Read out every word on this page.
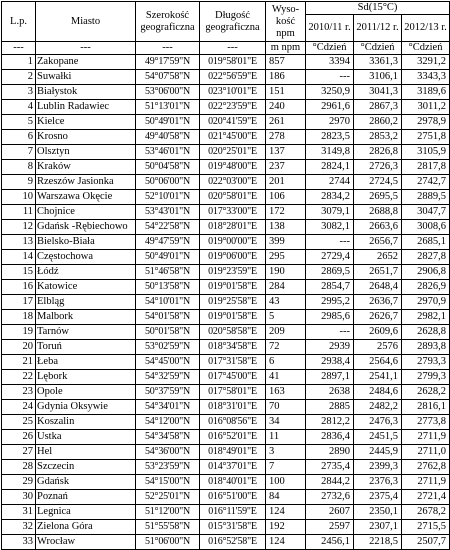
L.p.	Miasto	Szerokość geograficzna	Długość geograficzna	Wyso-kość npm	Sd(15°C)		
					2010/11 r.	2011/12 r.	2012/13 r.
---	---	---	---	m npm	°Cdzień	°Cdzień	°Cdzień
1	Zakopane	49°17'59"N	019°58'01"E	857	3394	3361,3	3291,2
2	Suwałki	54°07'58"N	022°56'59"E	186	---	3106,1	3343,3
3	Białystok	53°06'00"N	023°10'01"E	151	3250,9	3041,3	3189,6
4	Lublin Radawiec	51°13'01"N	022°23'59"E	240	2961,6	2867,3	3011,2
5	Kielce	50°49'01"N	020°41'59"E	261	2970	2860,2	2978,9
6	Krosno	49°40'58"N	021°45'00"E	278	2823,5	2853,2	2751,8
7	Olsztyn	53°46'01"N	020°25'01"E	137	3149,8	2826,8	3105,9
8	Kraków	50°04'58"N	019°48'00"E	237	2824,1	2726,3	2817,8
9	Rzeszów Jasionka	50°06'00"N	022°03'00"E	201	2744	2724,5	2742,7
10	Warszawa Okęcie	52°10'01"N	020°58'01"E	106	2834,2	2695,5	2889,5
11	Chojnice	53°43'01"N	017°33'00"E	172	3079,1	2688,8	3047,7
12	Gdańsk -Rębiechowo	54°22'58"N	018°28'01"E	138	3082,1	2663,6	3008,6
13	Bielsko-Biała	49°47'59"N	019°00'00"E	399	---	2656,7	2685,1
14	Częstochowa	50°49'01"N	019°06'00"E	295	2729,4	2652	2827,8
15	Łódź	51°46'58"N	019°23'59"E	190	2869,5	2651,7	2906,8
16	Katowice	50°13'58"N	019°01'58"E	284	2854,7	2648,4	2826,9
17	Elbląg	54°10'01"N	019°25'58"E	43	2995,2	2636,7	2970,9
18	Malbork	54°01'58"N	019°01'58"E	5	2985,6	2626,7	2982,1
19	Tarnów	50°01'58"N	020°58'58"E	209	---	2609,6	2628,8
20	Toruń	53°02'59"N	018°34'58"E	72	2939	2576	2893,8
21	Łeba	54°45'00"N	017°31'58"E	6	2938,4	2564,6	2793,3
22	Lębork	54°32'59"N	017°45'00"E	41	2897,1	2541,1	2799,3
23	Opole	50°37'59"N	017°58'01"E	163	2638	2484,6	2628,2
24	Gdynia Oksywie	54°34'01"N	018°31'01"E	70	2885	2482,2	2816,1
25	Koszalin	54°12'00"N	016°08'56"E	34	2812,2	2476,3	2773,8
26	Ustka	54°34'58"N	016°52'01"E	11	2836,4	2451,5	2711,9
27	Hel	54°36'00"N	018°49'01"E	3	2890	2445,9	2711,0
28	Szczecin	53°23'59"N	014°37'01"E	7	2735,4	2399,3	2762,8
29	Gdańsk	54°15'00"N	018°40'01"E	100	2844,2	2376,3	2711,9
30	Poznań	52°25'01"N	016°51'00"E	84	2732,6	2375,4	2721,4
31	Legnica	51°12'00"N	016°11'59"E	124	2607	2350,1	2678,2
32	Zielona Góra	51°55'58"N	015°31'58"E	192	2597	2307,1	2715,5
33	Wrocław	51°06'00"N	016°52'58"E	124	2456,1	2218,5	2507,7
